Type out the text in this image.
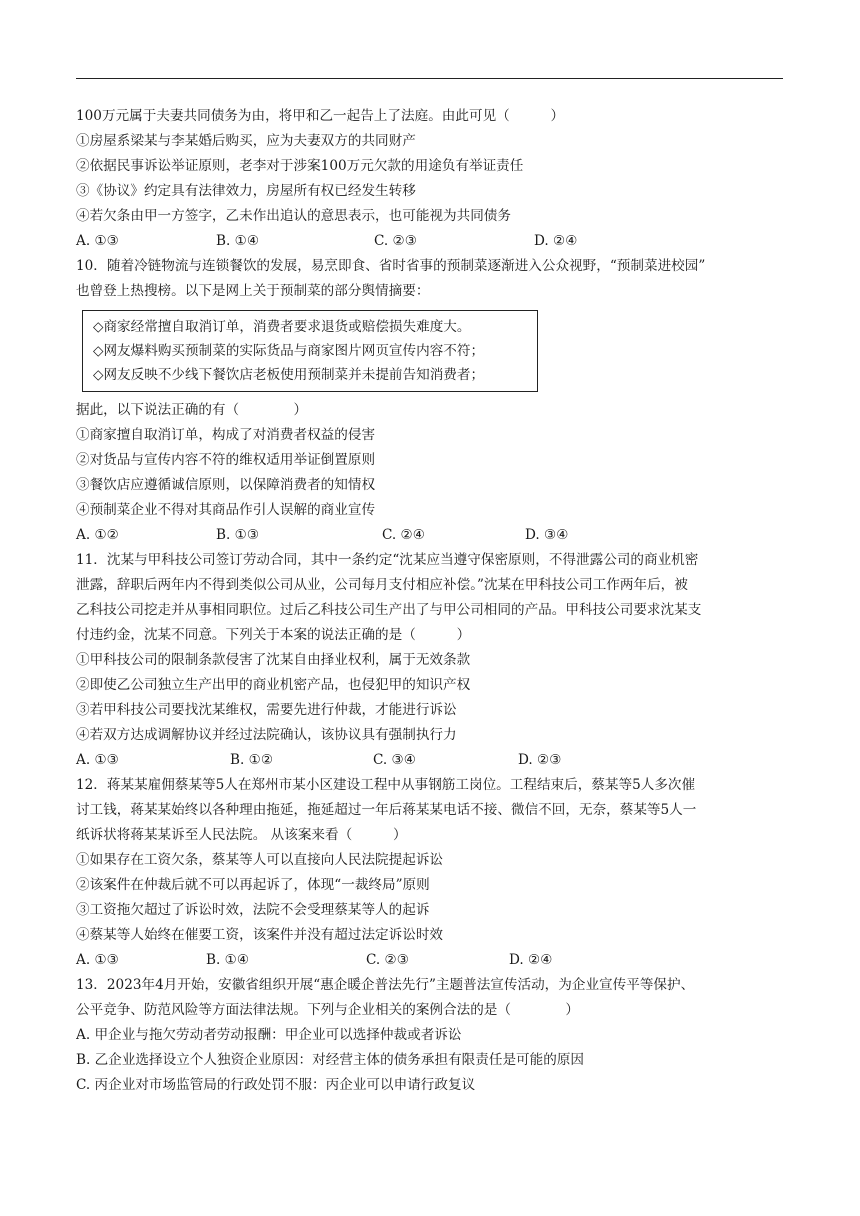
100万元属于夫妻共同债务为由，将甲和乙一起告上了法庭。由此可见（　　　）
①房屋系梁某与李某婚后购买，应为夫妻双方的共同财产
②依据民事诉讼举证原则，老李对于涉案100万元欠款的用途负有举证责任
③《协议》约定具有法律效力，房屋所有权已经发生转移
④若欠条由甲一方签字，乙未作出追认的意思表示，也可能视为共同债务
A. ①③	B. ①④	C. ②③	D. ②④
10．随着冷链物流与连锁餐饮的发展，易烹即食、省时省事的预制菜逐渐进入公众视野，“预制菜进校园”
也曾登上热搜榜。以下是网上关于预制菜的部分舆情摘要：
◇商家经常擅自取消订单，消费者要求退货或赔偿损失难度大。
◇网友爆料购买预制菜的实际货品与商家图片网页宣传内容不符；
◇网友反映不少线下餐饮店老板使用预制菜并未提前告知消费者；
据此，以下说法正确的有（　　　　）
①商家擅自取消订单，构成了对消费者权益的侵害
②对货品与宣传内容不符的维权适用举证倒置原则
③餐饮店应遵循诚信原则，以保障消费者的知情权
④预制菜企业不得对其商品作引人误解的商业宣传
A. ①②	B. ①③	C. ②④	D. ③④
11．沈某与甲科技公司签订劳动合同，其中一条约定“沈某应当遵守保密原则，不得泄露公司的商业机密
泄露，辞职后两年内不得到类似公司从业，公司每月支付相应补偿。”沈某在甲科技公司工作两年后，被
乙科技公司挖走并从事相同职位。过后乙科技公司生产出了与甲公司相同的产品。甲科技公司要求沈某支
付违约金，沈某不同意。下列关于本案的说法正确的是（　　　）
①甲科技公司的限制条款侵害了沈某自由择业权利，属于无效条款
②即使乙公司独立生产出甲的商业机密产品，也侵犯甲的知识产权
③若甲科技公司要找沈某维权，需要先进行仲裁，才能进行诉讼
④若双方达成调解协议并经过法院确认，该协议具有强制执行力
A. ①③	B. ①②	C. ③④	D. ②③
12．蒋某某雇佣蔡某等5人在郑州市某小区建设工程中从事钢筋工岗位。工程结束后，蔡某等5人多次催
讨工钱，蒋某某始终以各种理由拖延，拖延超过一年后蒋某某电话不接、微信不回，无奈，蔡某等5人一
纸诉状将蒋某某诉至人民法院。 从该案来看（　　　）
①如果存在工资欠条，蔡某等人可以直接向人民法院提起诉讼
②该案件在仲裁后就不可以再起诉了，体现“一裁终局”原则
③工资拖欠超过了诉讼时效，法院不会受理蔡某等人的起诉
④蔡某等人始终在催要工资，该案件并没有超过法定诉讼时效
A. ①③	B. ①④	C. ②③	D. ②④
13．2023年4月开始，安徽省组织开展“惠企暖企普法先行”主题普法宣传活动，为企业宣传平等保护、
公平竞争、防范风险等方面法律法规。下列与企业相关的案例合法的是（　　　　）
A. 甲企业与拖欠劳动者劳动报酬：甲企业可以选择仲裁或者诉讼
B. 乙企业选择设立个人独资企业原因：对经营主体的债务承担有限责任是可能的原因
C. 丙企业对市场监管局的行政处罚不服：丙企业可以申请行政复议
